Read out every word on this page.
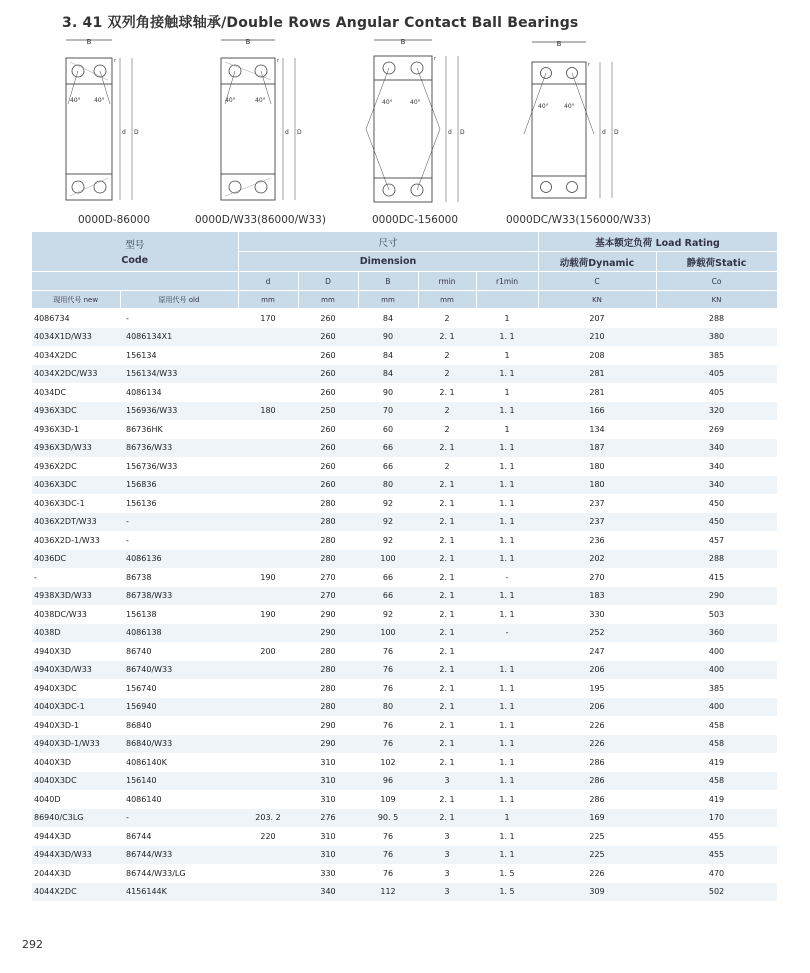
3. 41 双列角接触球轴承/Double Rows Angular Contact Ball Bearings
B
40° 40°
d D
r
0000D-86000
B
40°	40°
d D
r
0000D/W33(86000/W33)
B
40°	40°
d D
r
0000DC-156000
B
40°	40°
d D
r
0000DC/W33(156000/W33)
型号
Code		尺寸					基本额定负荷 Load Rating	
		Dimension					动载荷Dynamic	静载荷Static
		d	D	B	rmin	r1min	C	Co
现用代号 new	原用代号 old	mm	mm	mm	mm		KN	KN
4086734	-	170	260	84	2	1	207	288
4034X1D/W33	4086134X1		260	90	2. 1	1. 1	210	380
4034X2DC	156134		260	84	2	1	208	385
4034X2DC/W33	156134/W33		260	84	2	1. 1	281	405
4034DC	4086134		260	90	2. 1	1	281	405
4936X3DC	156936/W33	180	250	70	2	1. 1	166	320
4936X3D-1	86736HK		260	60	2	1	134	269
4936X3D/W33	86736/W33		260	66	2. 1	1. 1	187	340
4936X2DC	156736/W33		260	66	2	1. 1	180	340
4036X3DC	156836		260	80	2. 1	1. 1	180	340
4036X3DC-1	156136		280	92	2. 1	1. 1	237	450
4036X2DT/W33	-		280	92	2. 1	1. 1	237	450
4036X2D-1/W33	-		280	92	2. 1	1. 1	236	457
4036DC	4086136		280	100	2. 1	1. 1	202	288
-	86738	190	270	66	2. 1	-	270	415
4938X3D/W33	86738/W33		270	66	2. 1	1. 1	183	290
4038DC/W33	156138	190	290	92	2. 1	1. 1	330	503
4038D	4086138		290	100	2. 1	-	252	360
4940X3D	86740	200	280	76	2. 1		247	400
4940X3D/W33	86740/W33		280	76	2. 1	1. 1	206	400
4940X3DC	156740		280	76	2. 1	1. 1	195	385
4040X3DC-1	156940		280	80	2. 1	1. 1	206	400
4940X3D-1	86840		290	76	2. 1	1. 1	226	458
4940X3D-1/W33	86840/W33		290	76	2. 1	1. 1	226	458
4040X3D	4086140K		310	102	2. 1	1. 1	286	419
4040X3DC	156140		310	96	3	1. 1	286	458
4040D	4086140		310	109	2. 1	1. 1	286	419
86940/C3LG	-	203. 2	276	90. 5	2. 1	1	169	170
4944X3D	86744	220	310	76	3	1. 1	225	455
4944X3D/W33	86744/W33		310	76	3	1. 1	225	455
2044X3D	86744/W33/LG		330	76	3	1. 5	226	470
4044X2DC	4156144K		340	112	3	1. 5	309	502
292
